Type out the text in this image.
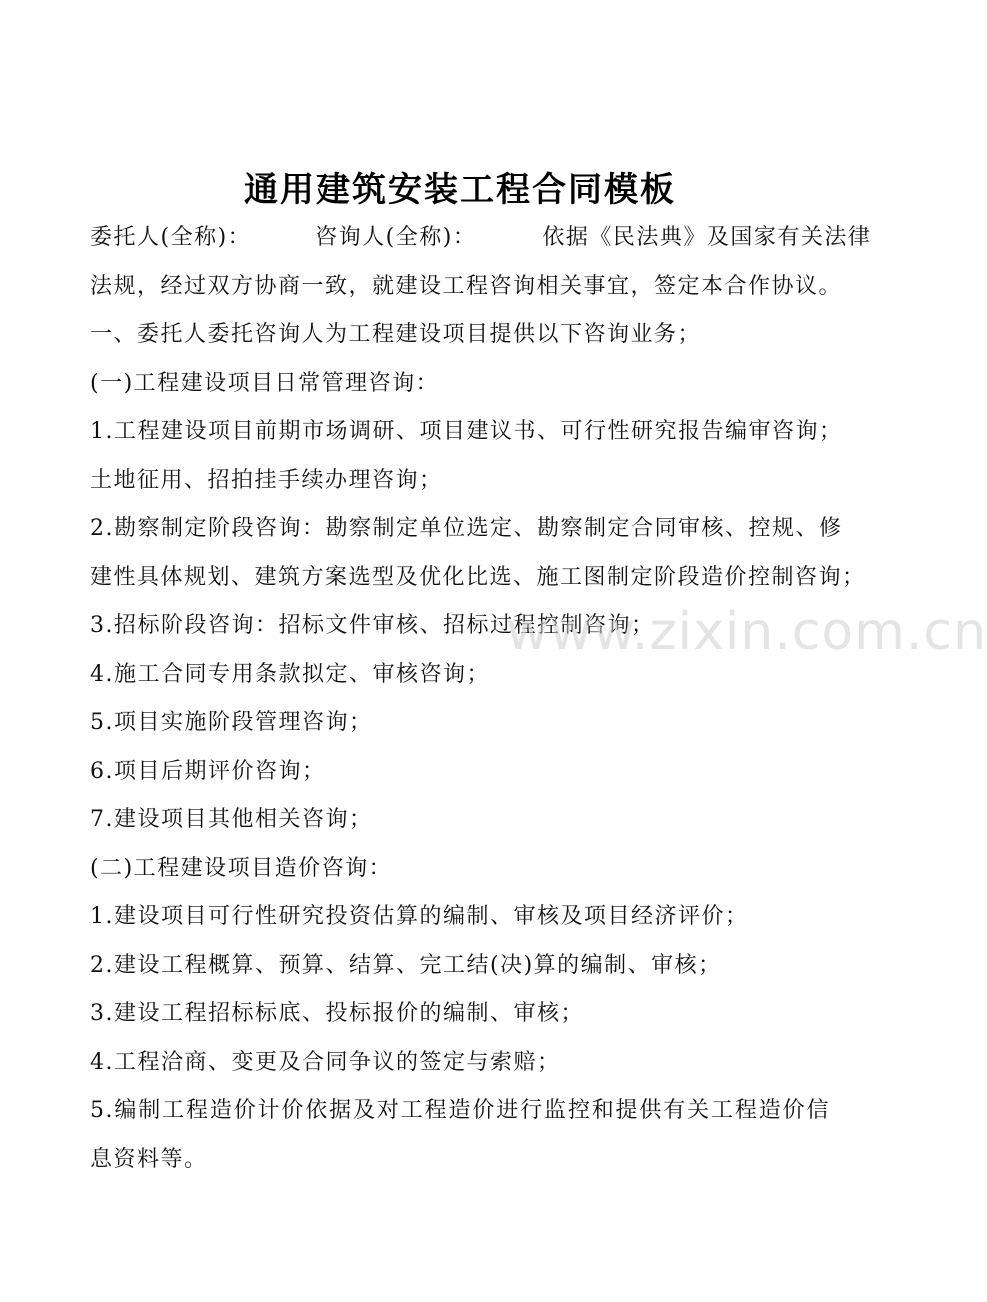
通用建筑安装工程合同模板
委托人(全称)：	咨询人(全称)：	依据《民法典》及国家有关法律
法规，经过双方协商一致，就建设工程咨询相关事宜，签定本合作协议。
一、委托人委托咨询人为工程建设项目提供以下咨询业务；
(一)工程建设项目日常管理咨询：
1.工程建设项目前期市场调研、项目建议书、可行性研究报告编审咨询；
土地征用、招拍挂手续办理咨询；
2.勘察制定阶段咨询：勘察制定单位选定、勘察制定合同审核、控规、修
建性具体规划、建筑方案选型及优化比选、施工图制定阶段造价控制咨询；
3.招标阶段咨询：招标文件审核、招标过程控制咨询；
4.施工合同专用条款拟定、审核咨询；
5.项目实施阶段管理咨询；
6.项目后期评价咨询；
7.建设项目其他相关咨询；
(二)工程建设项目造价咨询：
1.建设项目可行性研究投资估算的编制、审核及项目经济评价；
2.建设工程概算、预算、结算、完工结(决)算的编制、审核；
3.建设工程招标标底、投标报价的编制、审核；
4.工程洽商、变更及合同争议的签定与索赔；
5.编制工程造价计价依据及对工程造价进行监控和提供有关工程造价信
息资料等。
www.zixin.com.cn
